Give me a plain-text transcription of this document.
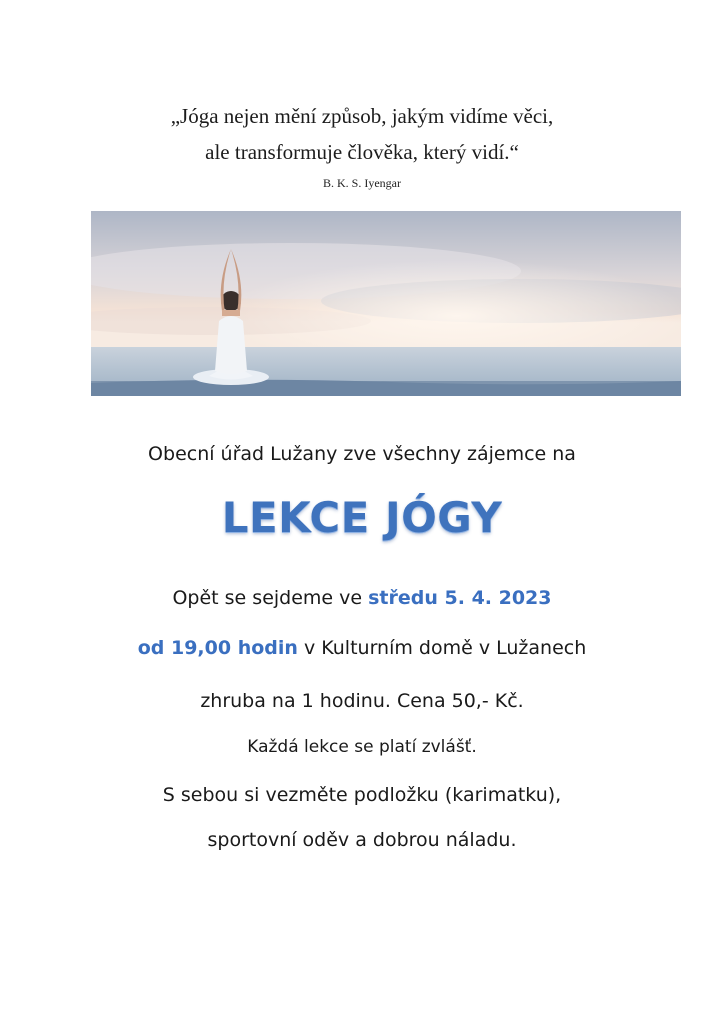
„Jóga nejen mění způsob, jakým vidíme věci,
ale transformuje člověka, který vidí.“
B. K. S. Iyengar
Obecní úřad Lužany zve všechny zájemce na
LEKCE JÓGY
Opět se sejdeme ve středu 5. 4. 2023
od 19,00 hodin v Kulturním domě v Lužanech
zhruba na 1 hodinu. Cena 50,- Kč.
Každá lekce se platí zvlášť.
S sebou si vezměte podložku (karimatku),
sportovní oděv a dobrou náladu.
